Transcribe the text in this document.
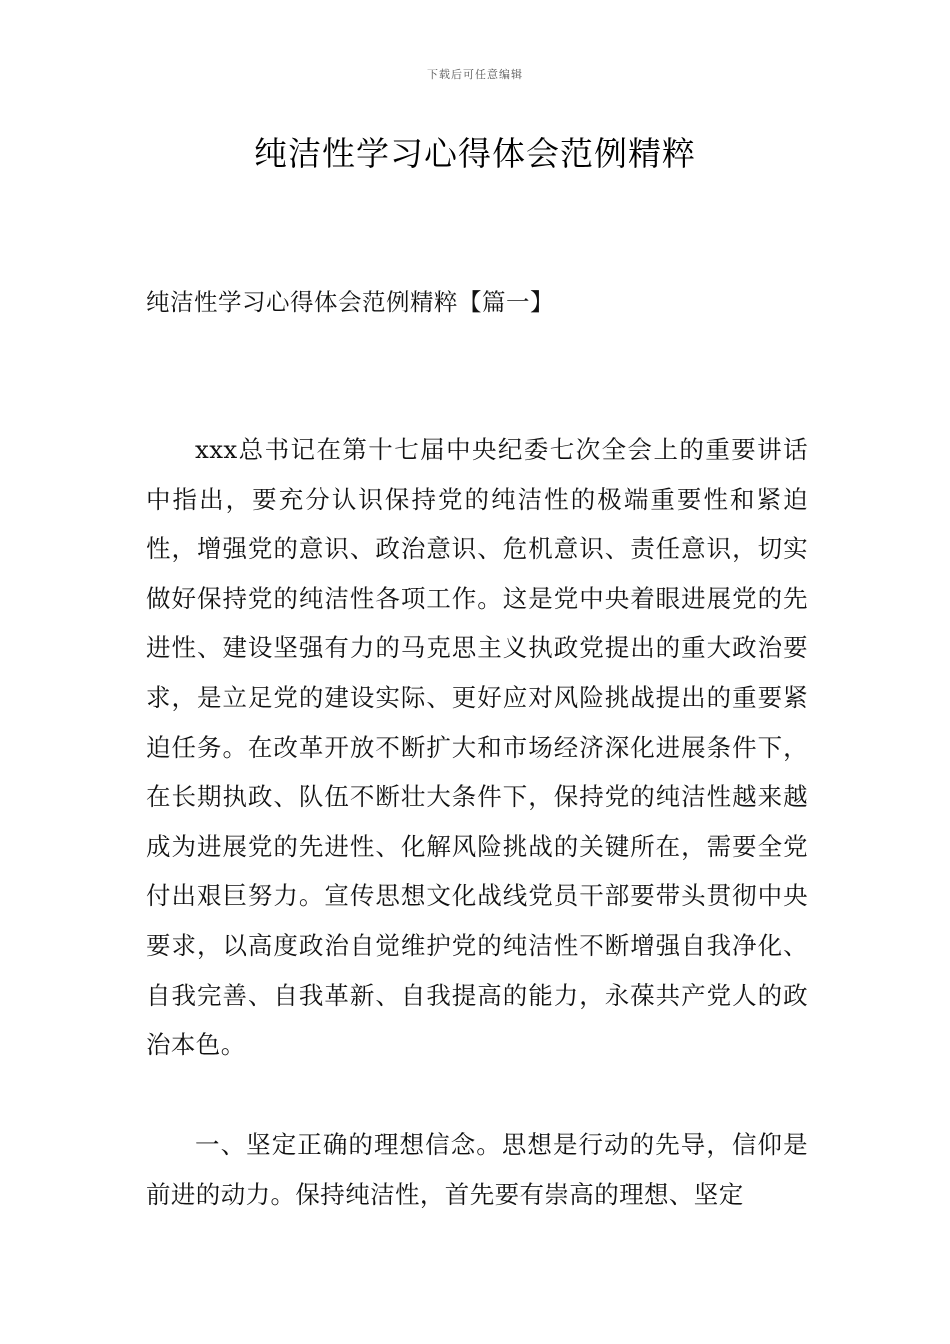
下载后可任意编辑
纯洁性学习心得体会范例精粹
纯洁性学习心得体会范例精粹【篇一】

xxx总书记在第十七届中央纪委七次全会上的重要讲话中指出，要充分认识保持党的纯洁性的极端重要性和紧迫性，增强党的意识、政治意识、危机意识、责任意识，切实做好保持党的纯洁性各项工作。这是党中央着眼进展党的先进性、建设坚强有力的马克思主义执政党提出的重大政治要求，是立足党的建设实际、更好应对风险挑战提出的重要紧迫任务。在改革开放不断扩大和市场经济深化进展条件下，在长期执政、队伍不断壮大条件下，保持党的纯洁性越来越成为进展党的先进性、化解风险挑战的关键所在，需要全党付出艰巨努力。宣传思想文化战线党员干部要带头贯彻中央要求，以高度政治自觉维护党的纯洁性不断增强自我净化、自我完善、自我革新、自我提高的能力，永葆共产党人的政治本色。

一、坚定正确的理想信念。思想是行动的先导，信仰是前进的动力。保持纯洁性，首先要有崇高的理想、坚定
